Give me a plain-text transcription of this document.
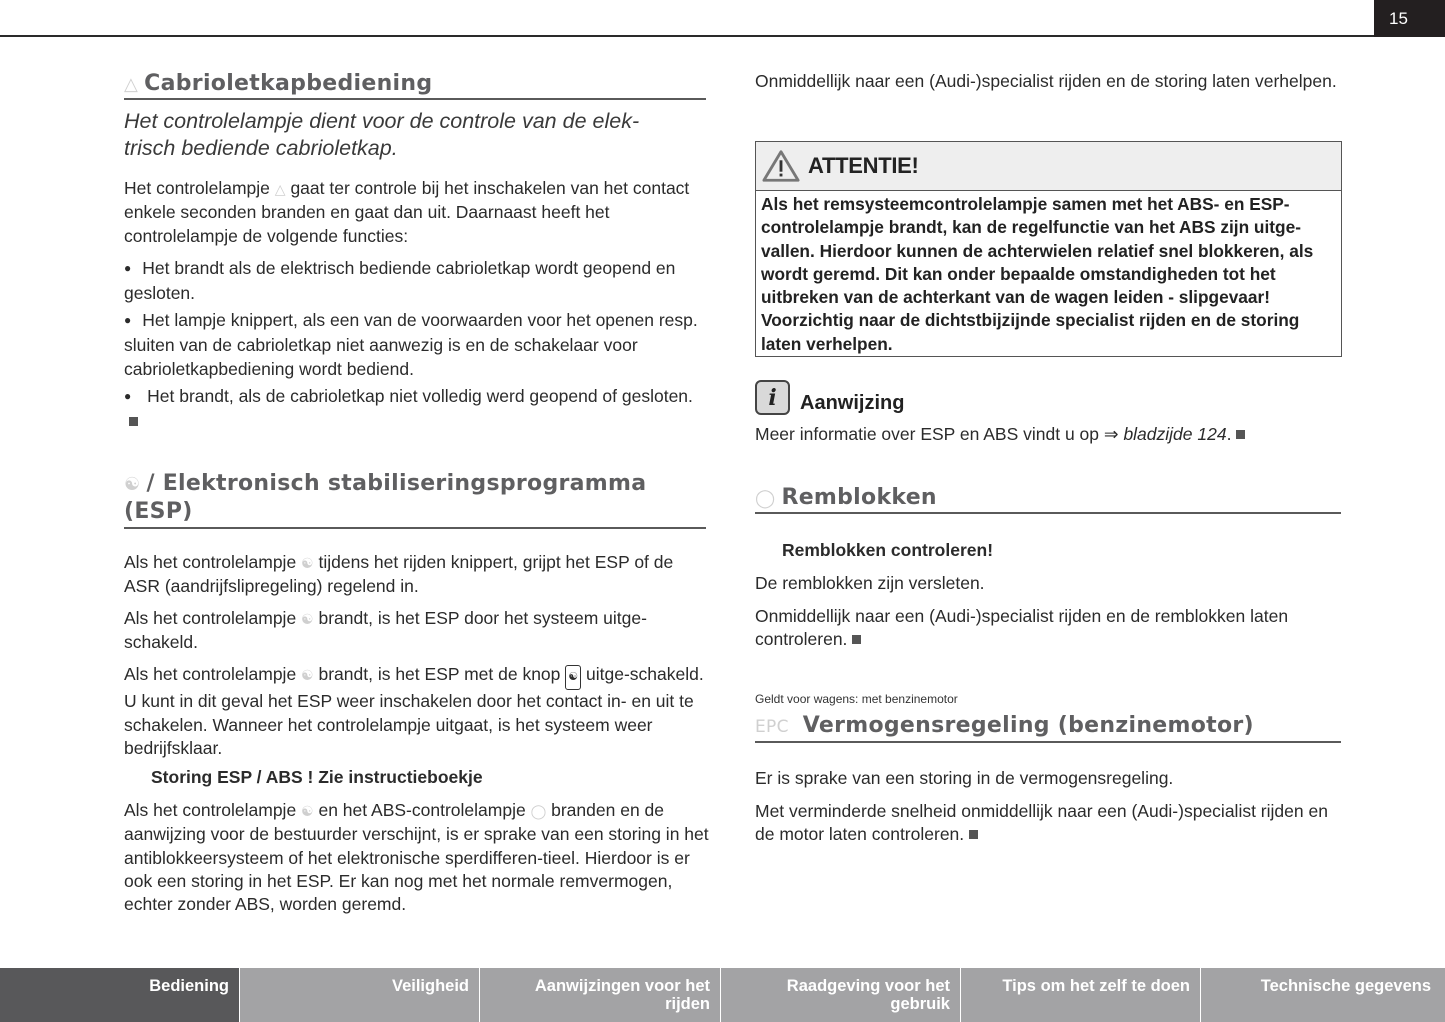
15
△ Cabrioletkapbediening
Het controlelampje dient voor de controle van de elek-
trisch bediende cabrioletkap.
Het controlelampje △ gaat ter controle bij het inschakelen van het contact enkele seconden branden en gaat dan uit. Daarnaast heeft het controlelampje de volgende functies:
● Het brandt als de elektrisch bediende cabrioletkap wordt geopend en gesloten.
● Het lampje knippert, als een van de voorwaarden voor het openen resp. sluiten van de cabrioletkap niet aanwezig is en de schakelaar voor cabrioletkapbediening wordt bediend.
● Het brandt, als de cabrioletkap niet volledig werd geopend of gesloten.
☯ / Elektronisch stabiliseringsprogramma (ESP)
Als het controlelampje ☯ tijdens het rijden knippert, grijpt het ESP of de ASR (aandrijfslipregeling) regelend in.
Als het controlelampje ☯ brandt, is het ESP door het systeem uitge-schakeld.
Als het controlelampje ☯ brandt, is het ESP met de knop ☯ uitge-schakeld. U kunt in dit geval het ESP weer inschakelen door het contact in- en uit te schakelen. Wanneer het controlelampje uitgaat, is het systeem weer bedrijfsklaar.
Storing ESP / ABS ! Zie instructieboekje
Als het controlelampje ☯ en het ABS-controlelampje ◯ branden en de aanwijzing voor de bestuurder verschijnt, is er sprake van een storing in het antiblokkeersysteem of het elektronische sperdifferen-tieel. Hierdoor is er ook een storing in het ESP. Er kan nog met het normale remvermogen, echter zonder ABS, worden geremd.
Onmiddellijk naar een (Audi-)specialist rijden en de storing laten verhelpen.
ATTENTIE!
Als het remsysteemcontrolelampje samen met het ABS- en ESP-controlelampje brandt, kan de regelfunctie van het ABS zijn uitge-vallen. Hierdoor kunnen de achterwielen relatief snel blokkeren, als wordt geremd. Dit kan onder bepaalde omstandigheden tot het uitbreken van de achterkant van de wagen leiden - slipgevaar! Voorzichtig naar de dichtstbijzijnde specialist rijden en de storing laten verhelpen.
i	Aanwijzing
Meer informatie over ESP en ABS vindt u op ⇒ bladzijde 124.
◯ Remblokken
Remblokken controleren!
De remblokken zijn versleten.
Onmiddellijk naar een (Audi-)specialist rijden en de remblokken laten controleren.
Geldt voor wagens: met benzinemotor
EPC Vermogensregeling (benzinemotor)
Er is sprake van een storing in de vermogensregeling.
Met verminderde snelheid onmiddellijk naar een (Audi-)specialist rijden en de motor laten controleren.
Bediening	Veiligheid	Aanwijzingen voor het rijden
Raadgeving voor het gebruik
Tips om het zelf te doen	Technische gegevens
